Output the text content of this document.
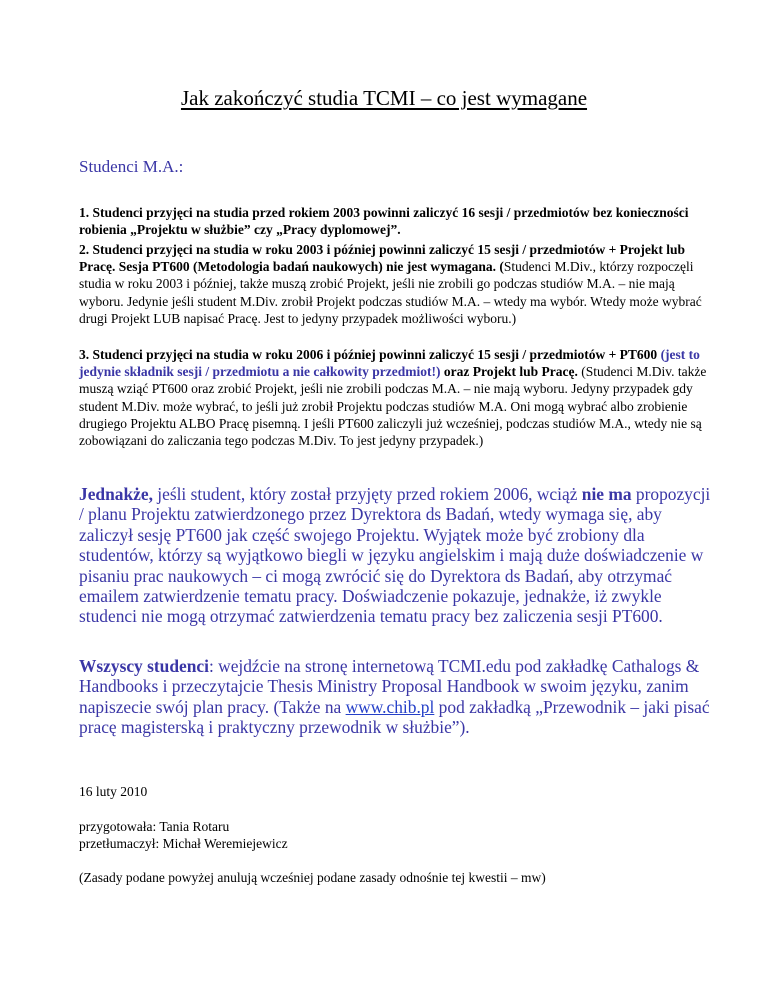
Jak zakończyć studia TCMI – co jest wymagane
Studenci M.A.:
1. Studenci przyjęci na studia przed rokiem 2003 powinni zaliczyć 16 sesji / przedmiotów bez konieczności robienia „Projektu w służbie” czy „Pracy dyplomowej”.
2. Studenci przyjęci na studia w roku 2003 i później powinni zaliczyć 15 sesji / przedmiotów + Projekt lub Pracę. Sesja PT600 (Metodologia badań naukowych) nie jest wymagana. (Studenci M.Div., którzy rozpoczęli studia w roku 2003 i później, także muszą zrobić Projekt, jeśli nie zrobili go podczas studiów M.A. – nie mają wyboru. Jedynie jeśli student M.Div. zrobił Projekt podczas studiów M.A. – wtedy ma wybór. Wtedy może wybrać drugi Projekt LUB napisać Pracę. Jest to jedyny przypadek możliwości wyboru.)
3. Studenci przyjęci na studia w roku 2006 i później powinni zaliczyć 15 sesji / przedmiotów + PT600 (jest to jedynie składnik sesji / przedmiotu a nie całkowity przedmiot!) oraz Projekt lub Pracę. (Studenci M.Div. także muszą wziąć PT600 oraz zrobić Projekt, jeśli nie zrobili podczas M.A. – nie mają wyboru. Jedyny przypadek gdy student M.Div. może wybrać, to jeśli już zrobił Projektu podczas studiów M.A. Oni mogą wybrać albo zrobienie drugiego Projektu ALBO Pracę pisemną. I jeśli PT600 zaliczyli już wcześniej, podczas studiów M.A., wtedy nie są zobowiązani do zaliczania tego podczas M.Div. To jest jedyny przypadek.)
Jednakże, jeśli student, który został przyjęty przed rokiem 2006, wciąż nie ma propozycji / planu Projektu zatwierdzonego przez Dyrektora ds Badań, wtedy wymaga się, aby zaliczył sesję PT600 jak część swojego Projektu. Wyjątek może być zrobiony dla studentów, którzy są wyjątkowo biegli w języku angielskim i mają duże doświadczenie w pisaniu prac naukowych – ci mogą zwrócić się do Dyrektora ds Badań, aby otrzymać emailem zatwierdzenie tematu pracy. Doświadczenie pokazuje, jednakże, iż zwykle studenci nie mogą otrzymać zatwierdzenia tematu pracy bez zaliczenia sesji PT600.
Wszyscy studenci: wejdźcie na stronę internetową TCMI.edu pod zakładkę Cathalogs & Handbooks i przeczytajcie Thesis Ministry Proposal Handbook w swoim języku, zanim napiszecie swój plan pracy. (Także na www.chib.pl pod zakładką „Przewodnik – jaki pisać pracę magisterską i praktyczny przewodnik w służbie”).
16 luty 2010
przygotowała: Tania Rotaru
przetłumaczył: Michał Weremiejewicz
(Zasady podane powyżej anulują wcześniej podane zasady odnośnie tej kwestii – mw)
